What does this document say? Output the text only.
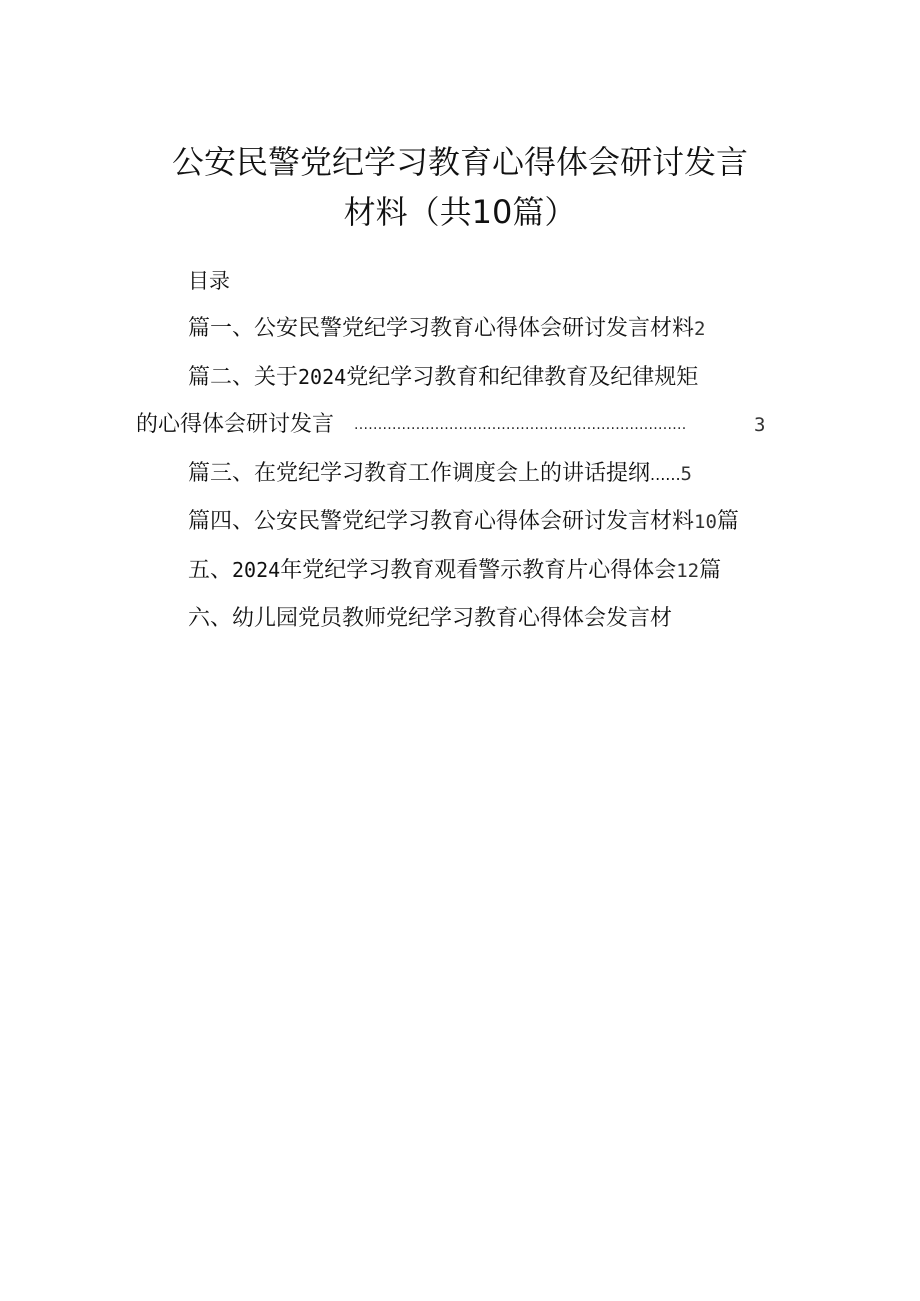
公安民警党纪学习教育心得体会研讨发言
材料（共10篇）
目录
篇一、公安民警党纪学习教育心得体会研讨发言材料2
篇二、关于2024党纪学习教育和纪律教育及纪律规矩
的心得体会研讨发言 ......................................................................	3
篇三、在党纪学习教育工作调度会上的讲话提纲......5
篇四、公安民警党纪学习教育心得体会研讨发言材料10篇
五、2024年党纪学习教育观看警示教育片心得体会12篇
六、幼儿园党员教师党纪学习教育心得体会发言材
